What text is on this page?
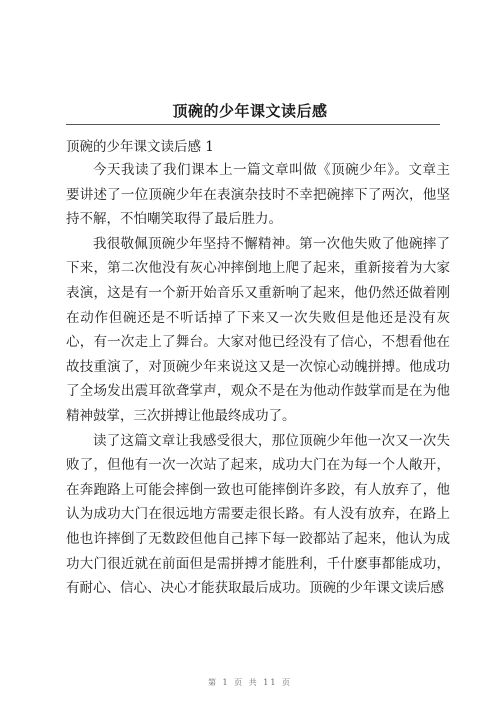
顶碗的少年课文读后感
顶碗的少年课文读后感 1

今天我读了我们课本上一篇文章叫做《顶碗少年》。文章主要讲述了一位顶碗少年在表演杂技时不幸把碗摔下了两次，他坚持不解，不怕嘲笑取得了最后胜力。

我很敬佩顶碗少年坚持不懈精神。第一次他失败了他碗摔了下来，第二次他没有灰心冲摔倒地上爬了起来，重新接着为大家表演，这是有一个新开始音乐又重新响了起来，他仍然还做着刚在动作但碗还是不听话掉了下来又一次失败但是他还是没有灰心，有一次走上了舞台。大家对他已经没有了信心，不想看他在故技重演了，对顶碗少年来说这又是一次惊心动魄拼搏。他成功了全场发出震耳欲聋掌声，观众不是在为他动作鼓掌而是在为他精神鼓掌，三次拼搏让他最终成功了。

读了这篇文章让我感受很大，那位顶碗少年他一次又一次失败了，但他有一次一次站了起来，成功大门在为每一个人敞开，在奔跑路上可能会摔倒一致也可能摔倒许多跤，有人放弃了，他认为成功大门在很远地方需要走很长路。有人没有放弃，在路上他也许摔倒了无数跤但他自己摔下每一跤都站了起来，他认为成功大门很近就在前面但是需拼搏才能胜利，千什麽事都能成功，有耐心、信心、决心才能获取最后成功。顶碗的少年课文读后感

第 1 页 共 11 页
